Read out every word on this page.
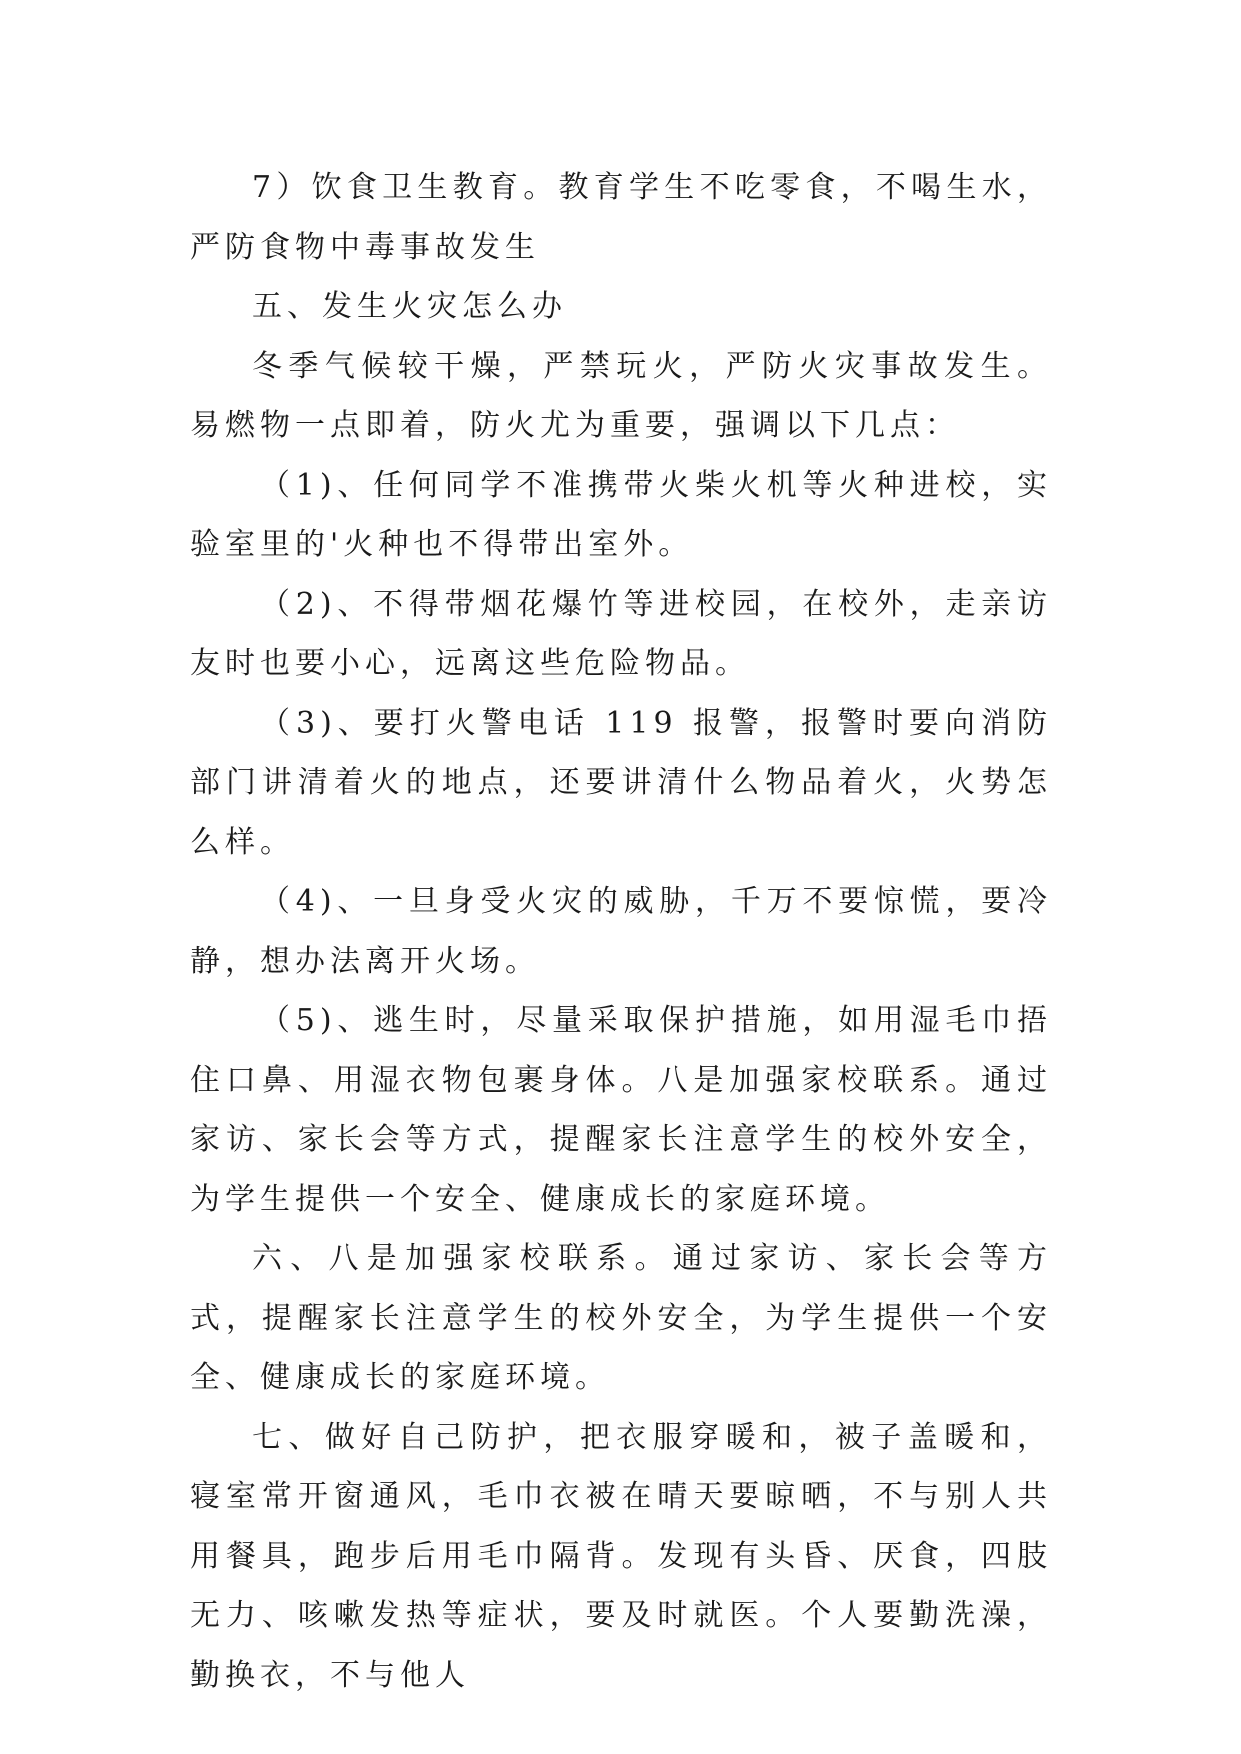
7）饮食卫生教育。教育学生不吃零食，不喝生水，严防食物中毒事故发生

五、发生火灾怎么办

冬季气候较干燥，严禁玩火，严防火灾事故发生。易燃物一点即着，防火尤为重要，强调以下几点：

（1)、任何同学不准携带火柴火机等火种进校，实验室里的'火种也不得带出室外。

（2)、不得带烟花爆竹等进校园，在校外，走亲访友时也要小心，远离这些危险物品。

（3)、要打火警电话 119 报警，报警时要向消防部门讲清着火的地点，还要讲清什么物品着火，火势怎么样。

（4)、一旦身受火灾的威胁，千万不要惊慌，要冷静，想办法离开火场。

（5)、逃生时，尽量采取保护措施，如用湿毛巾捂住口鼻、用湿衣物包裹身体。八是加强家校联系。通过家访、家长会等方式，提醒家长注意学生的校外安全，为学生提供一个安全、健康成长的家庭环境。

六、八是加强家校联系。通过家访、家长会等方式，提醒家长注意学生的校外安全，为学生提供一个安全、健康成长的家庭环境。

七、做好自己防护，把衣服穿暖和，被子盖暖和，寝室常开窗通风，毛巾衣被在晴天要晾晒，不与别人共用餐具，跑步后用毛巾隔背。发现有头昏、厌食，四肢无力、咳嗽发热等症状，要及时就医。个人要勤洗澡，勤换衣，不与他人
